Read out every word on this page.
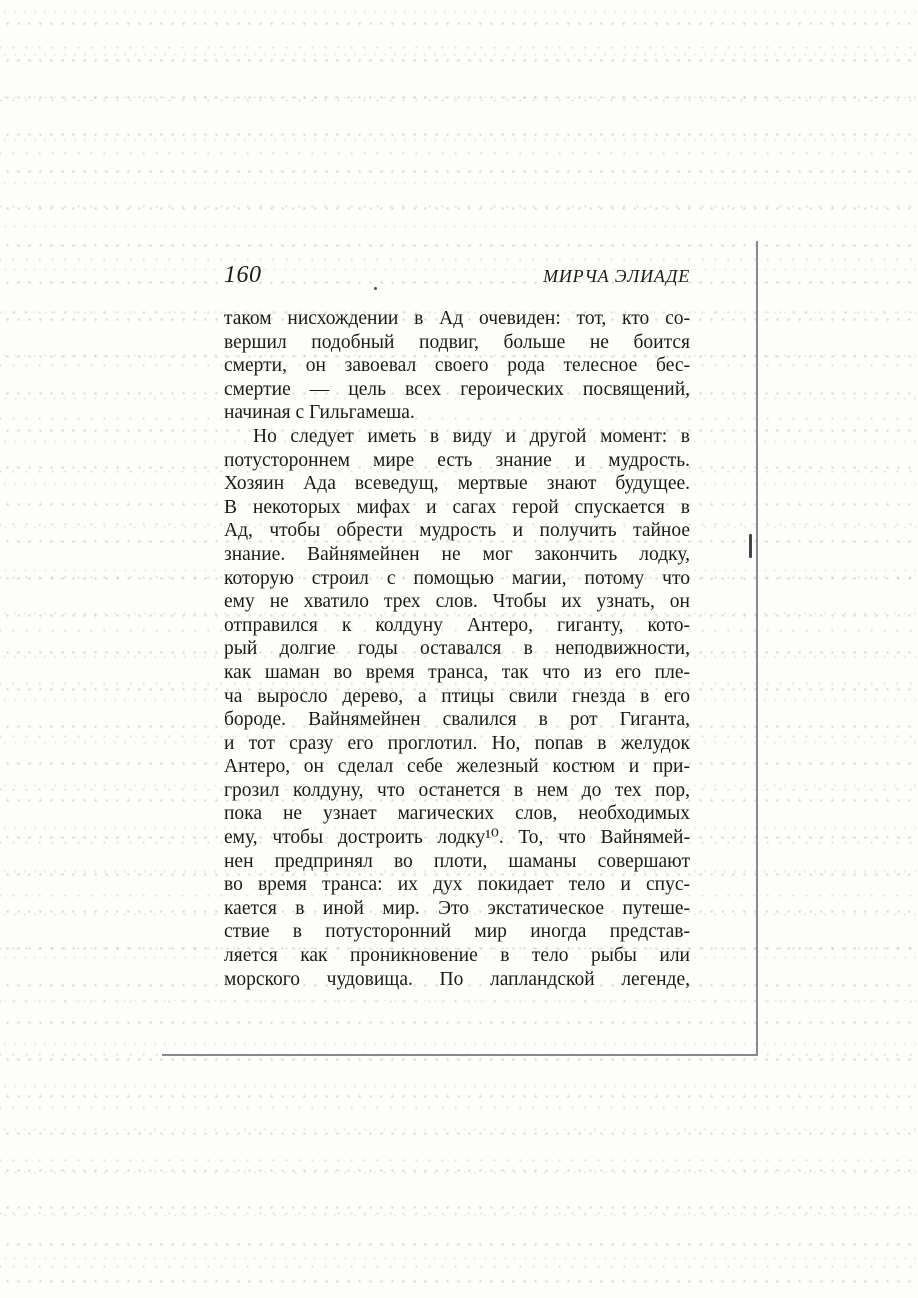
160	МИРЧА ЭЛИАДЕ
таком нисхождении в Ад очевиден: тот, кто со-
вершил подобный подвиг, больше не боится
смерти, он завоевал своего рода телесное бес-
смертие — цель всех героических посвящений,
начиная с Гильгамеша.
Но следует иметь в виду и другой момент: в
потустороннем мире есть знание и мудрость.
Хозяин Ада всеведущ, мертвые знают будущее.
В некоторых мифах и сагах герой спускается в
Ад, чтобы обрести мудрость и получить тайное
знание. Вайнямейнен не мог закончить лодку,
которую строил с помощью магии, потому что
ему не хватило трех слов. Чтобы их узнать, он
отправился к колдуну Антеро, гиганту, кото-
рый долгие годы оставался в неподвижности,
как шаман во время транса, так что из его пле-
ча выросло дерево, а птицы свили гнезда в его
бороде. Вайнямейнен свалился в рот Гиганта,
и тот сразу его проглотил. Но, попав в желудок
Антеро, он сделал себе железный костюм и при-
грозил колдуну, что останется в нем до тех пор,
пока не узнает магических слов, необходимых
ему, чтобы достроить лодку¹⁰. То, что Вайнямей-
нен предпринял во плоти, шаманы совершают
во время транса: их дух покидает тело и спус-
кается в иной мир. Это экстатическое путеше-
ствие в потусторонний мир иногда представ-
ляется как проникновение в тело рыбы или
морского чудовища. По лапландской легенде,
